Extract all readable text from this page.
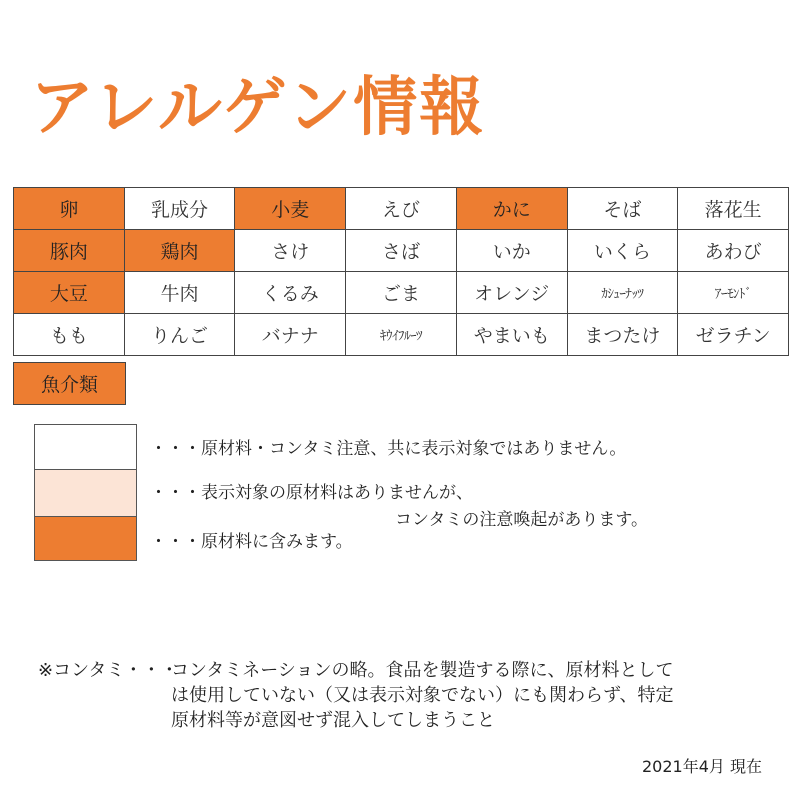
アレルゲン情報
卵	乳成分	小麦	えび	かに	そば	落花生
豚肉	鶏肉	さけ	さば	いか	いくら	あわび
大豆	牛肉	くるみ	ごま	オレンジ	ｶｼｭｰﾅｯﾂ	ｱｰﾓﾝﾄﾞ
もも	りんご	バナナ	ｷｳｲﾌﾙｰﾂ	やまいも	まつたけ	ゼラチン
魚介類
・・・原材料・コンタミ注意、共に表示対象ではありません。
・・・表示対象の原材料はありませんが、
コンタミの注意喚起があります。
・・・原材料に含みます。
※コンタミ・・・
コンタミネーションの略。食品を製造する際に、原材料として
は使用していない（又は表示対象でない）にも関わらず、特定
原材料等が意図せず混入してしまうこと
2021年4月 現在
